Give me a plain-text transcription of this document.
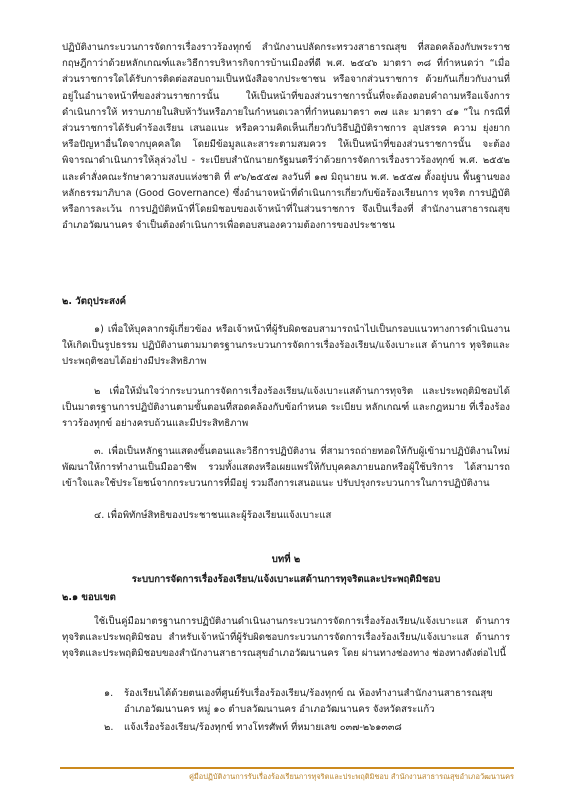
ปฏิบัติงานกระบวนการจัดการเรื่องราวร้องทุกข์ สำนักงานปลัดกระทรวงสาธารณสุข ที่สอดคล้องกับพระราชกฤษฎีกาว่าด้วยหลักเกณฑ์และวิธีการบริหารกิจการบ้านเมืองที่ดี พ.ศ. ๒๕๔๖ มาตรา ๓๘ ที่กำหนดว่า “เมื่อส่วนราชการใดได้รับการติดต่อสอบถามเป็นหนังสือจากประชาชน หรือจากส่วนราชการ ด้วยกันเกี่ยวกับงานที่อยู่ในอำนาจหน้าที่ของส่วนราชการนั้น ให้เป็นหน้าที่ของส่วนราชการนั้นที่จะต้องตอบคำถามหรือแจ้งการดำเนินการให้ ทราบภายในสิบห้าวันหรือภายในกำหนดเวลาที่กำหนดมาตรา ๓๗ และ มาตรา ๔๑ “ใน กรณีที่ส่วนราชการได้รับคำร้องเรียน เสนอแนะ หรือความคิดเห็นเกี่ยวกับวิธีปฏิบัติราชการ อุปสรรค ความ ยุ่งยาก หรือปัญหาอื่นใดจากบุคคลใด โดยมีข้อมูลและสาระตามสมควร ให้เป็นหน้าที่ของส่วนราชการนั้น จะต้องพิจารณาดำเนินการให้ลุล่วงไป - ระเบียบสำนักนายกรัฐมนตรีว่าด้วยการจัดการเรื่องราวร้องทุกข์ พ.ศ. ๒๕๕๒ และคำสั่งคณะรักษาความสงบแห่งชาติ ที่ ๙๖/๒๕๕๗ ลงวันที่ ๑๗ มิถุนายน พ.ศ. ๒๕๕๗ ตั้งอยู่บน พื้นฐานของหลักธรรมาภิบาล (Good Governance) ซึ่งอำนาจหน้าที่ดำเนินการเกี่ยวกับข้อร้องเรียนการ ทุจริต การปฏิบัติหรือการละเว้น การปฏิบัติหน้าที่โดยมิชอบของเจ้าหน้าที่ในส่วนราชการ จึงเป็นเรื่องที่ สำนักงานสาธารณสุขอำเภอวัฒนานคร จำเป็นต้องดำเนินการเพื่อตอบสนองความต้องการของประชาชน

๒. วัตถุประสงค์

๑) เพื่อให้บุคลากรผู้เกี่ยวข้อง หรือเจ้าหน้าที่ผู้รับผิดชอบสามารถนำไปเป็นกรอบแนวทางการดำเนินงานให้เกิดเป็นรูปธรรม ปฏิบัติงานตามมาตรฐานกระบวนการจัดการเรื่องร้องเรียน/แจ้งเบาะแส ด้านการ ทุจริตและประพฤติชอบได้อย่างมีประสิทธิภาพ

๒ เพื่อให้มั่นใจว่ากระบวนการจัดการเรื่องร้องเรียน/แจ้งเบาะแสด้านการทุจริต และประพฤติมิชอบได้เป็นมาตรฐานการปฏิบัติงานตามขั้นตอนที่สอดคล้องกับข้อกำหนด ระเบียบ หลักเกณฑ์ และกฎหมาย ที่เรื่องร้องราวร้องทุกข์ อย่างครบถ้วนและมีประสิทธิภาพ

๓. เพื่อเป็นหลักฐานแสดงขั้นตอนและวิธีการปฏิบัติงาน ที่สามารถถ่ายทอดให้กับผู้เข้ามาปฏิบัติงานใหม่ พัฒนาให้การทำงานเป็นมืออาชีพ รวมทั้งแสดงหรือเผยแพร่ให้กับบุคคลภายนอกหรือผู้ใช้บริการ ได้สามารถเข้าใจและใช้ประโยชน์จากกระบวนการที่มีอยู่ รวมถึงการเสนอแนะ ปรับปรุงกระบวนการในการปฏิบัติงาน

๔. เพื่อพิทักษ์สิทธิของประชาชนและผู้ร้องเรียนแจ้งเบาะแส

บทที่ ๒

ระบบการจัดการเรื่องร้องเรียน/แจ้งเบาะแสด้านการทุจริตและประพฤติมิชอบ

๒.๑ ขอบเขต

ใช้เป็นคู่มือมาตรฐานการปฏิบัติงานดำเนินงานกระบวนการจัดการเรื่องร้องเรียน/แจ้งเบาะแส ด้านการทุจริตและประพฤติมิชอบ สำหรับเจ้าหน้าที่ผู้รับผิดชอบกระบวนการจัดการเรื่องร้องเรียน/แจ้งเบาะแส ด้านการทุจริตและประพฤติมิชอบของสำนักงานสาธารณสุขอำเภอวัฒนานคร โดย ผ่านทางช่องทาง ช่องทางดังต่อไปนี้

๑. ร้องเรียนได้ด้วยตนเองที่ศูนย์รับเรื่องร้องเรียน/ร้องทุกข์ ณ ห้องทำงานสำนักงานสาธารณสุขอำเภอวัฒนานคร หมู่ ๑๐ ตำบลวัฒนานคร อำเภอวัฒนานคร จังหวัดสระแก้ว

๒. แจ้งเรื่องร้องเรียน/ร้องทุกข์ ทางโทรศัพท์ ที่หมายเลข ๐๓๗-๒๖๑๓๓๘

คู่มือปฏิบัติงานการรับเรื่องร้องเรียนการทุจริตและประพฤติมิชอบ สำนักงานสาธารณสุขอำเภอวัฒนานคร
